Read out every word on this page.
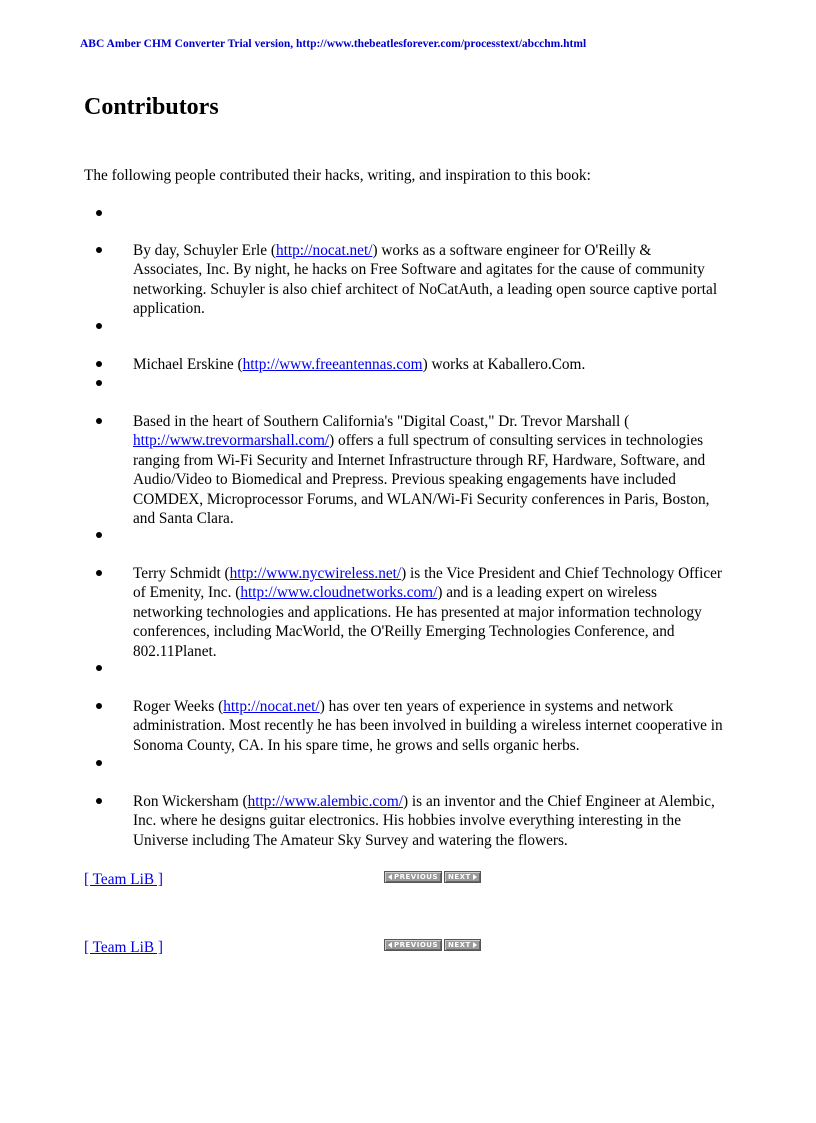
ABC Amber CHM Converter Trial version, http://www.thebeatlesforever.com/processtext/abcchm.html
Contributors
The following people contributed their hacks, writing, and inspiration to this book:
By day, Schuyler Erle (http://nocat.net/) works as a software engineer for O'Reilly &
Associates, Inc. By night, he hacks on Free Software and agitates for the cause of community
networking. Schuyler is also chief architect of NoCatAuth, a leading open source captive portal
application.
Michael Erskine (http://www.freeantennas.com) works at Kaballero.Com.
Based in the heart of Southern California's "Digital Coast," Dr. Trevor Marshall (
http://www.trevormarshall.com/) offers a full spectrum of consulting services in technologies
ranging from Wi-Fi Security and Internet Infrastructure through RF, Hardware, Software, and
Audio/Video to Biomedical and Prepress. Previous speaking engagements have included
COMDEX, Microprocessor Forums, and WLAN/Wi-Fi Security conferences in Paris, Boston,
and Santa Clara.
Terry Schmidt (http://www.nycwireless.net/) is the Vice President and Chief Technology Officer
of Emenity, Inc. (http://www.cloudnetworks.com/) and is a leading expert on wireless
networking technologies and applications. He has presented at major information technology
conferences, including MacWorld, the O'Reilly Emerging Technologies Conference, and
802.11Planet.
Roger Weeks (http://nocat.net/) has over ten years of experience in systems and network
administration. Most recently he has been involved in building a wireless internet cooperative in
Sonoma County, CA. In his spare time, he grows and sells organic herbs.
Ron Wickersham (http://www.alembic.com/) is an inventor and the Chief Engineer at Alembic,
Inc. where he designs guitar electronics. His hobbies involve everything interesting in the
Universe including The Amateur Sky Survey and watering the flowers.
[ Team LiB ]	PREVIOUS NEXT
[ Team LiB ]	PREVIOUS NEXT
